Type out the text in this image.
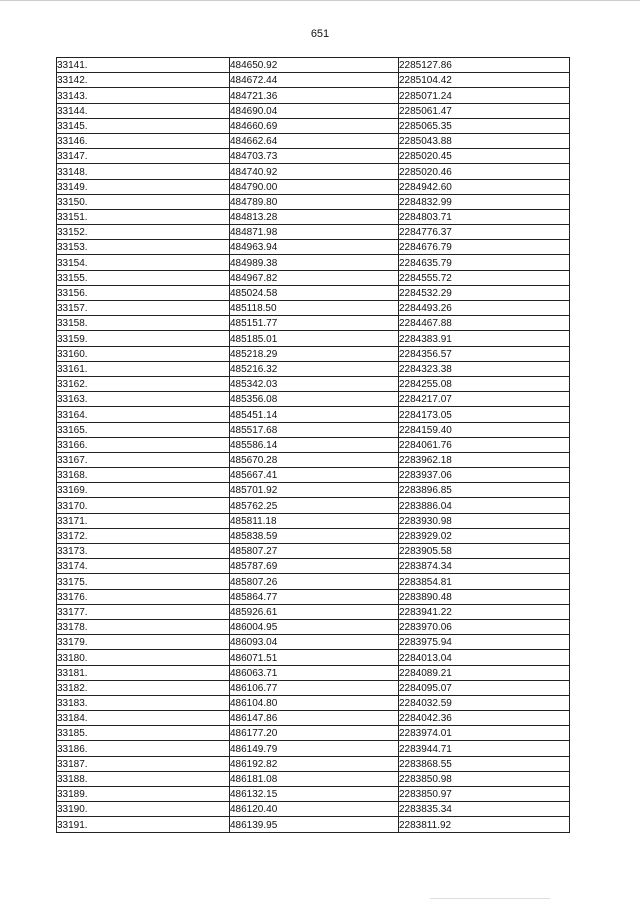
651
33141.	484650.92	2285127.86
33142.	484672.44	2285104.42
33143.	484721.36	2285071.24
33144.	484690.04	2285061.47
33145.	484660.69	2285065.35
33146.	484662.64	2285043.88
33147.	484703.73	2285020.45
33148.	484740.92	2285020.46
33149.	484790.00	2284942.60
33150.	484789.80	2284832.99
33151.	484813.28	2284803.71
33152.	484871.98	2284776.37
33153.	484963.94	2284676.79
33154.	484989.38	2284635.79
33155.	484967.82	2284555.72
33156.	485024.58	2284532.29
33157.	485118.50	2284493.26
33158.	485151.77	2284467.88
33159.	485185.01	2284383.91
33160.	485218.29	2284356.57
33161.	485216.32	2284323.38
33162.	485342.03	2284255.08
33163.	485356.08	2284217.07
33164.	485451.14	2284173.05
33165.	485517.68	2284159.40
33166.	485586.14	2284061.76
33167.	485670.28	2283962.18
33168.	485667.41	2283937.06
33169.	485701.92	2283896.85
33170.	485762.25	2283886.04
33171.	485811.18	2283930.98
33172.	485838.59	2283929.02
33173.	485807.27	2283905.58
33174.	485787.69	2283874.34
33175.	485807.26	2283854.81
33176.	485864.77	2283890.48
33177.	485926.61	2283941.22
33178.	486004.95	2283970.06
33179.	486093.04	2283975.94
33180.	486071.51	2284013.04
33181.	486063.71	2284089.21
33182.	486106.77	2284095.07
33183.	486104.80	2284032.59
33184.	486147.86	2284042.36
33185.	486177.20	2283974.01
33186.	486149.79	2283944.71
33187.	486192.82	2283868.55
33188.	486181.08	2283850.98
33189.	486132.15	2283850.97
33190.	486120.40	2283835.34
33191.	486139.95	2283811.92
